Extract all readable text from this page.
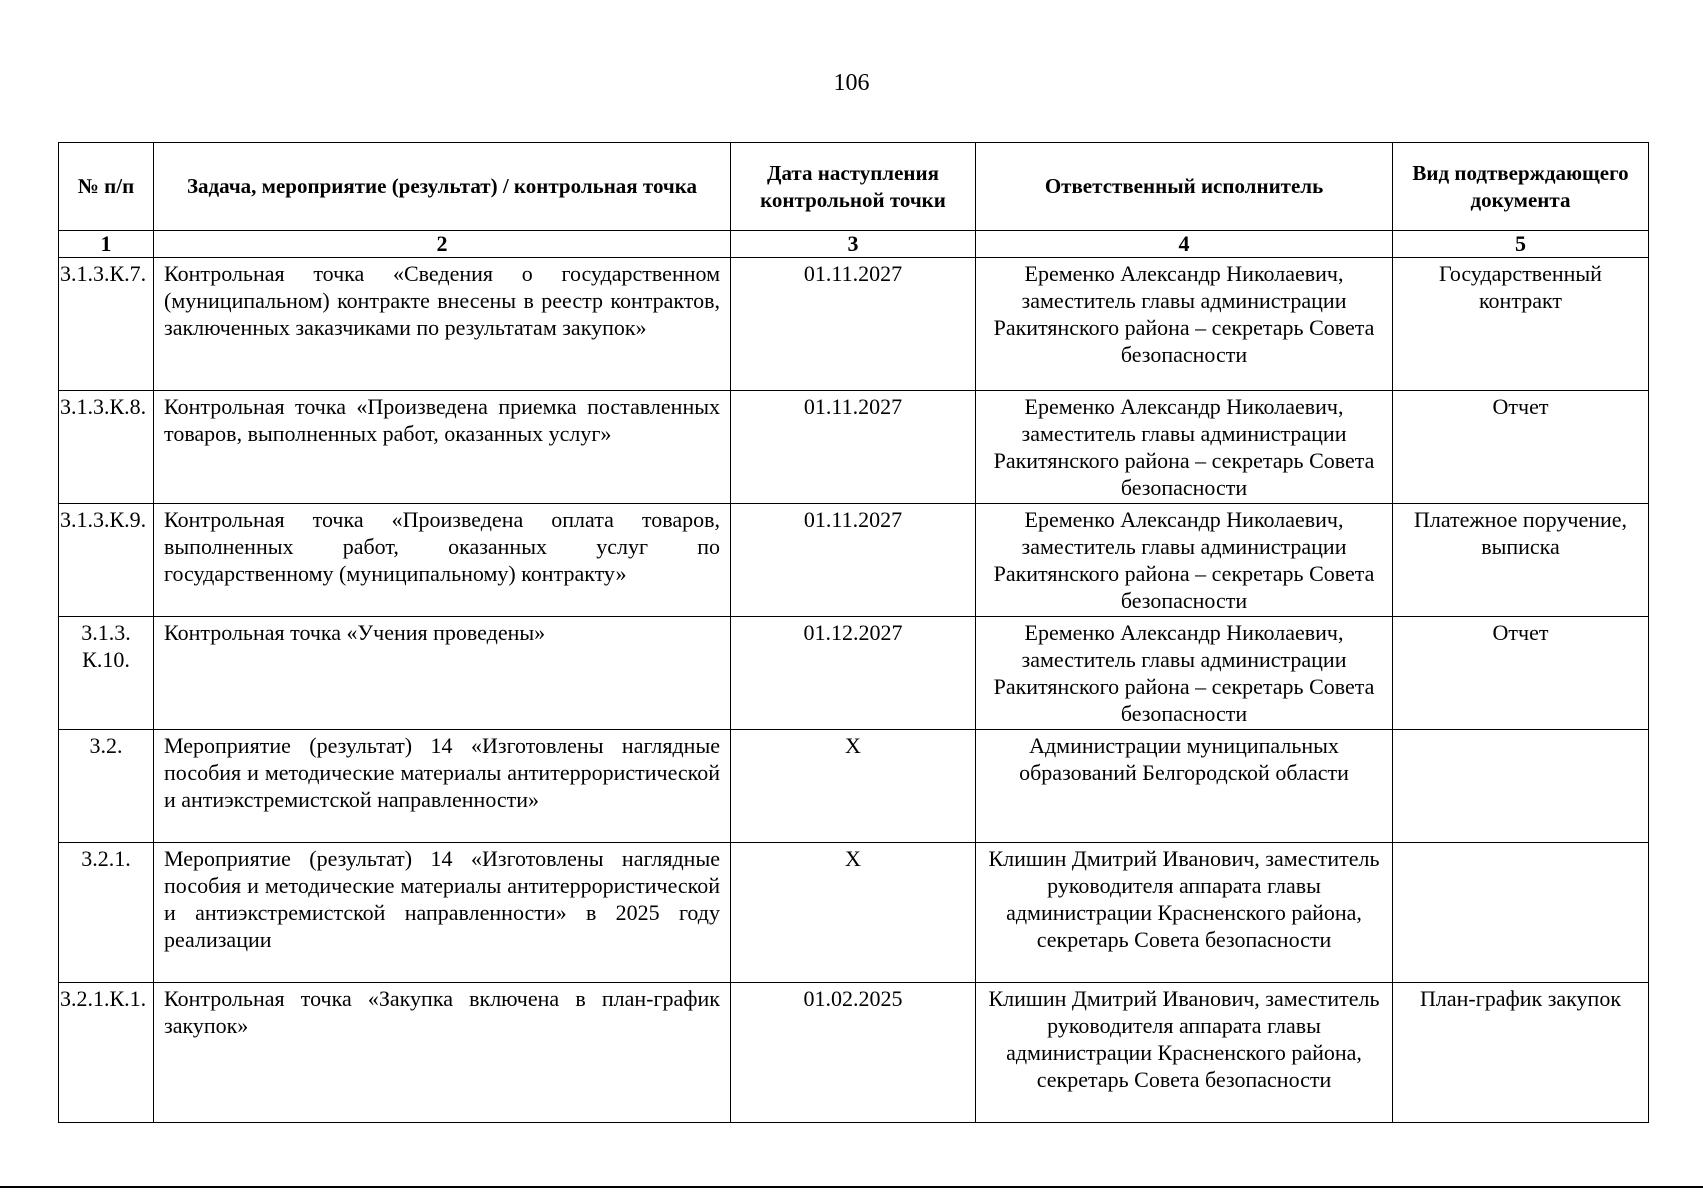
106
№ п/п	Задача, мероприятие (результат) / контрольная точка	Дата наступления контрольной точки	Ответственный исполнитель	Вид подтверждающего документа
1	2	3	4	5
3.1.3.К.7.	Контрольная точка «Сведения о государственном (муниципальном) контракте внесены в реестр контрактов, заключенных заказчиками по результатам закупок»	01.11.2027	Еременко Александр Николаевич, заместитель главы администрации Ракитянского района – секретарь Совета безопасности	Государственный контракт
3.1.3.К.8.	Контрольная точка «Произведена приемка поставленных товаров, выполненных работ, оказанных услуг»	01.11.2027	Еременко Александр Николаевич, заместитель главы администрации Ракитянского района – секретарь Совета безопасности	Отчет
3.1.3.К.9.	Контрольная точка «Произведена оплата товаров, выполненных работ, оказанных услуг по государственному (муниципальному) контракту»	01.11.2027	Еременко Александр Николаевич, заместитель главы администрации Ракитянского района – секретарь Совета безопасности	Платежное поручение, выписка
3.1.3. К.10.	Контрольная точка «Учения проведены»	01.12.2027	Еременко Александр Николаевич, заместитель главы администрации Ракитянского района – секретарь Совета безопасности	Отчет
3.2.	Мероприятие (результат) 14 «Изготовлены наглядные пособия и методические материалы антитеррористической и антиэкстремистской направленности»	X	Администрации муниципальных образований Белгородской области	
3.2.1.	Мероприятие (результат) 14 «Изготовлены наглядные пособия и методические материалы антитеррористической и антиэкстремистской направленности» в 2025 году реализации	X	Клишин Дмитрий Иванович, заместитель руководителя аппарата главы администрации Красненского района, секретарь Совета безопасности	
3.2.1.К.1.	Контрольная точка «Закупка включена в план-график закупок»	01.02.2025	Клишин Дмитрий Иванович, заместитель руководителя аппарата главы администрации Красненского района, секретарь Совета безопасности	План-график закупок
